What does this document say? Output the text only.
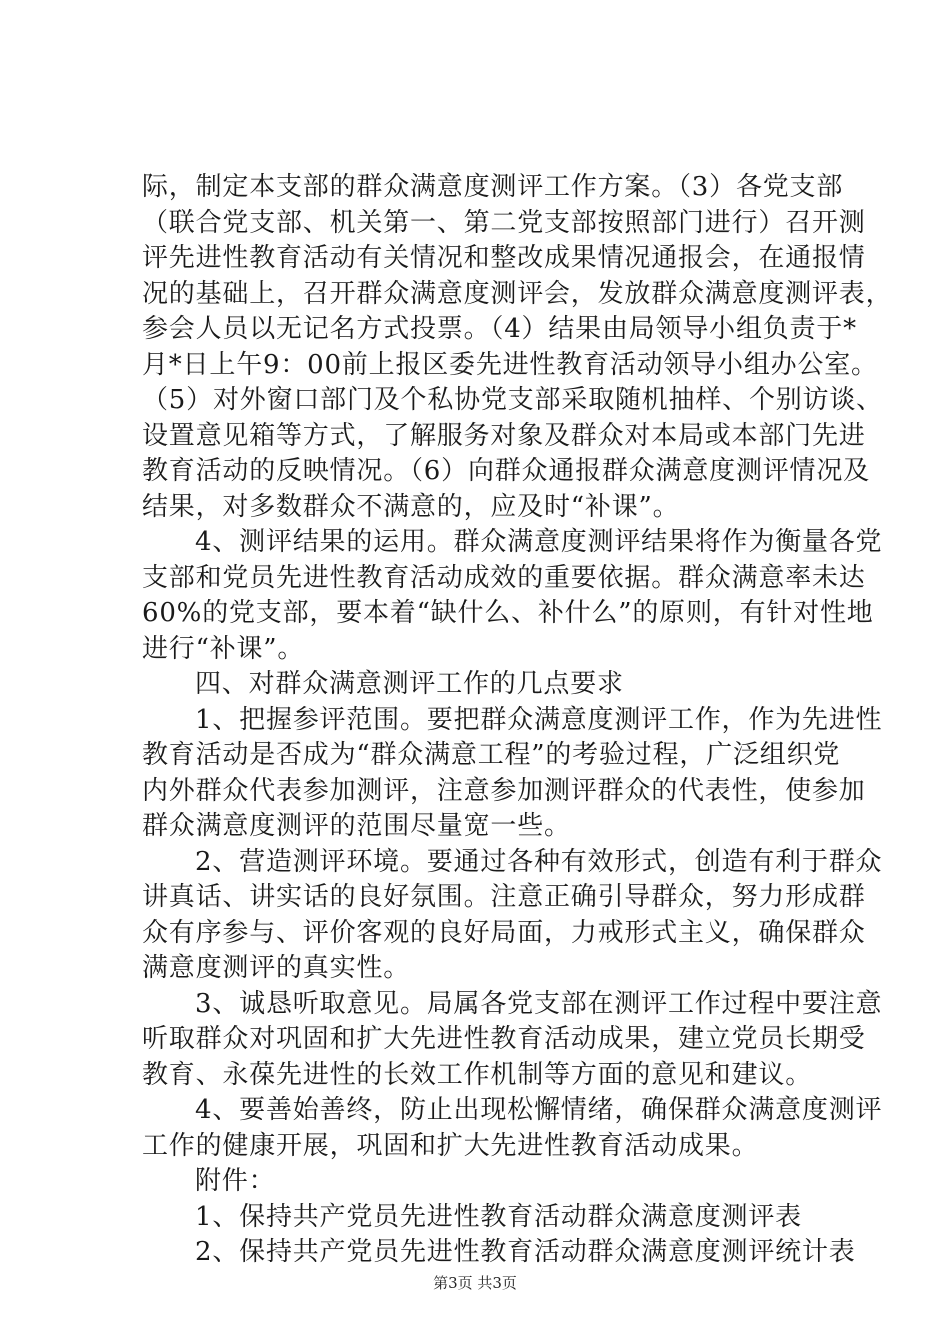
际，制定本支部的群众满意度测评工作方案。（3）各党支部
（联合党支部、机关第一、第二党支部按照部门进行）召开测
评先进性教育活动有关情况和整改成果情况通报会，在通报情
况的基础上，召开群众满意度测评会，发放群众满意度测评表，
参会人员以无记名方式投票。（4）结果由局领导小组负责于*
月*日上午9：00前上报区委先进性教育活动领导小组办公室。
（5）对外窗口部门及个私协党支部采取随机抽样、个别访谈、
设置意见箱等方式，了解服务对象及群众对本局或本部门先进
教育活动的反映情况。（6）向群众通报群众满意度测评情况及
结果，对多数群众不满意的，应及时“补课”。
4、测评结果的运用。群众满意度测评结果将作为衡量各党
支部和党员先进性教育活动成效的重要依据。群众满意率未达
60%的党支部，要本着“缺什么、补什么”的原则，有针对性地
进行“补课”。
四、对群众满意测评工作的几点要求
1、把握参评范围。要把群众满意度测评工作，作为先进性
教育活动是否成为“群众满意工程”的考验过程，广泛组织党
内外群众代表参加测评，注意参加测评群众的代表性，使参加
群众满意度测评的范围尽量宽一些。
2、营造测评环境。要通过各种有效形式，创造有利于群众
讲真话、讲实话的良好氛围。注意正确引导群众，努力形成群
众有序参与、评价客观的良好局面，力戒形式主义，确保群众
满意度测评的真实性。
3、诚恳听取意见。局属各党支部在测评工作过程中要注意
听取群众对巩固和扩大先进性教育活动成果，建立党员长期受
教育、永葆先进性的长效工作机制等方面的意见和建议。
4、要善始善终，防止出现松懈情绪，确保群众满意度测评
工作的健康开展，巩固和扩大先进性教育活动成果。
附件：
1、保持共产党员先进性教育活动群众满意度测评表
2、保持共产党员先进性教育活动群众满意度测评统计表
第3页 共3页
